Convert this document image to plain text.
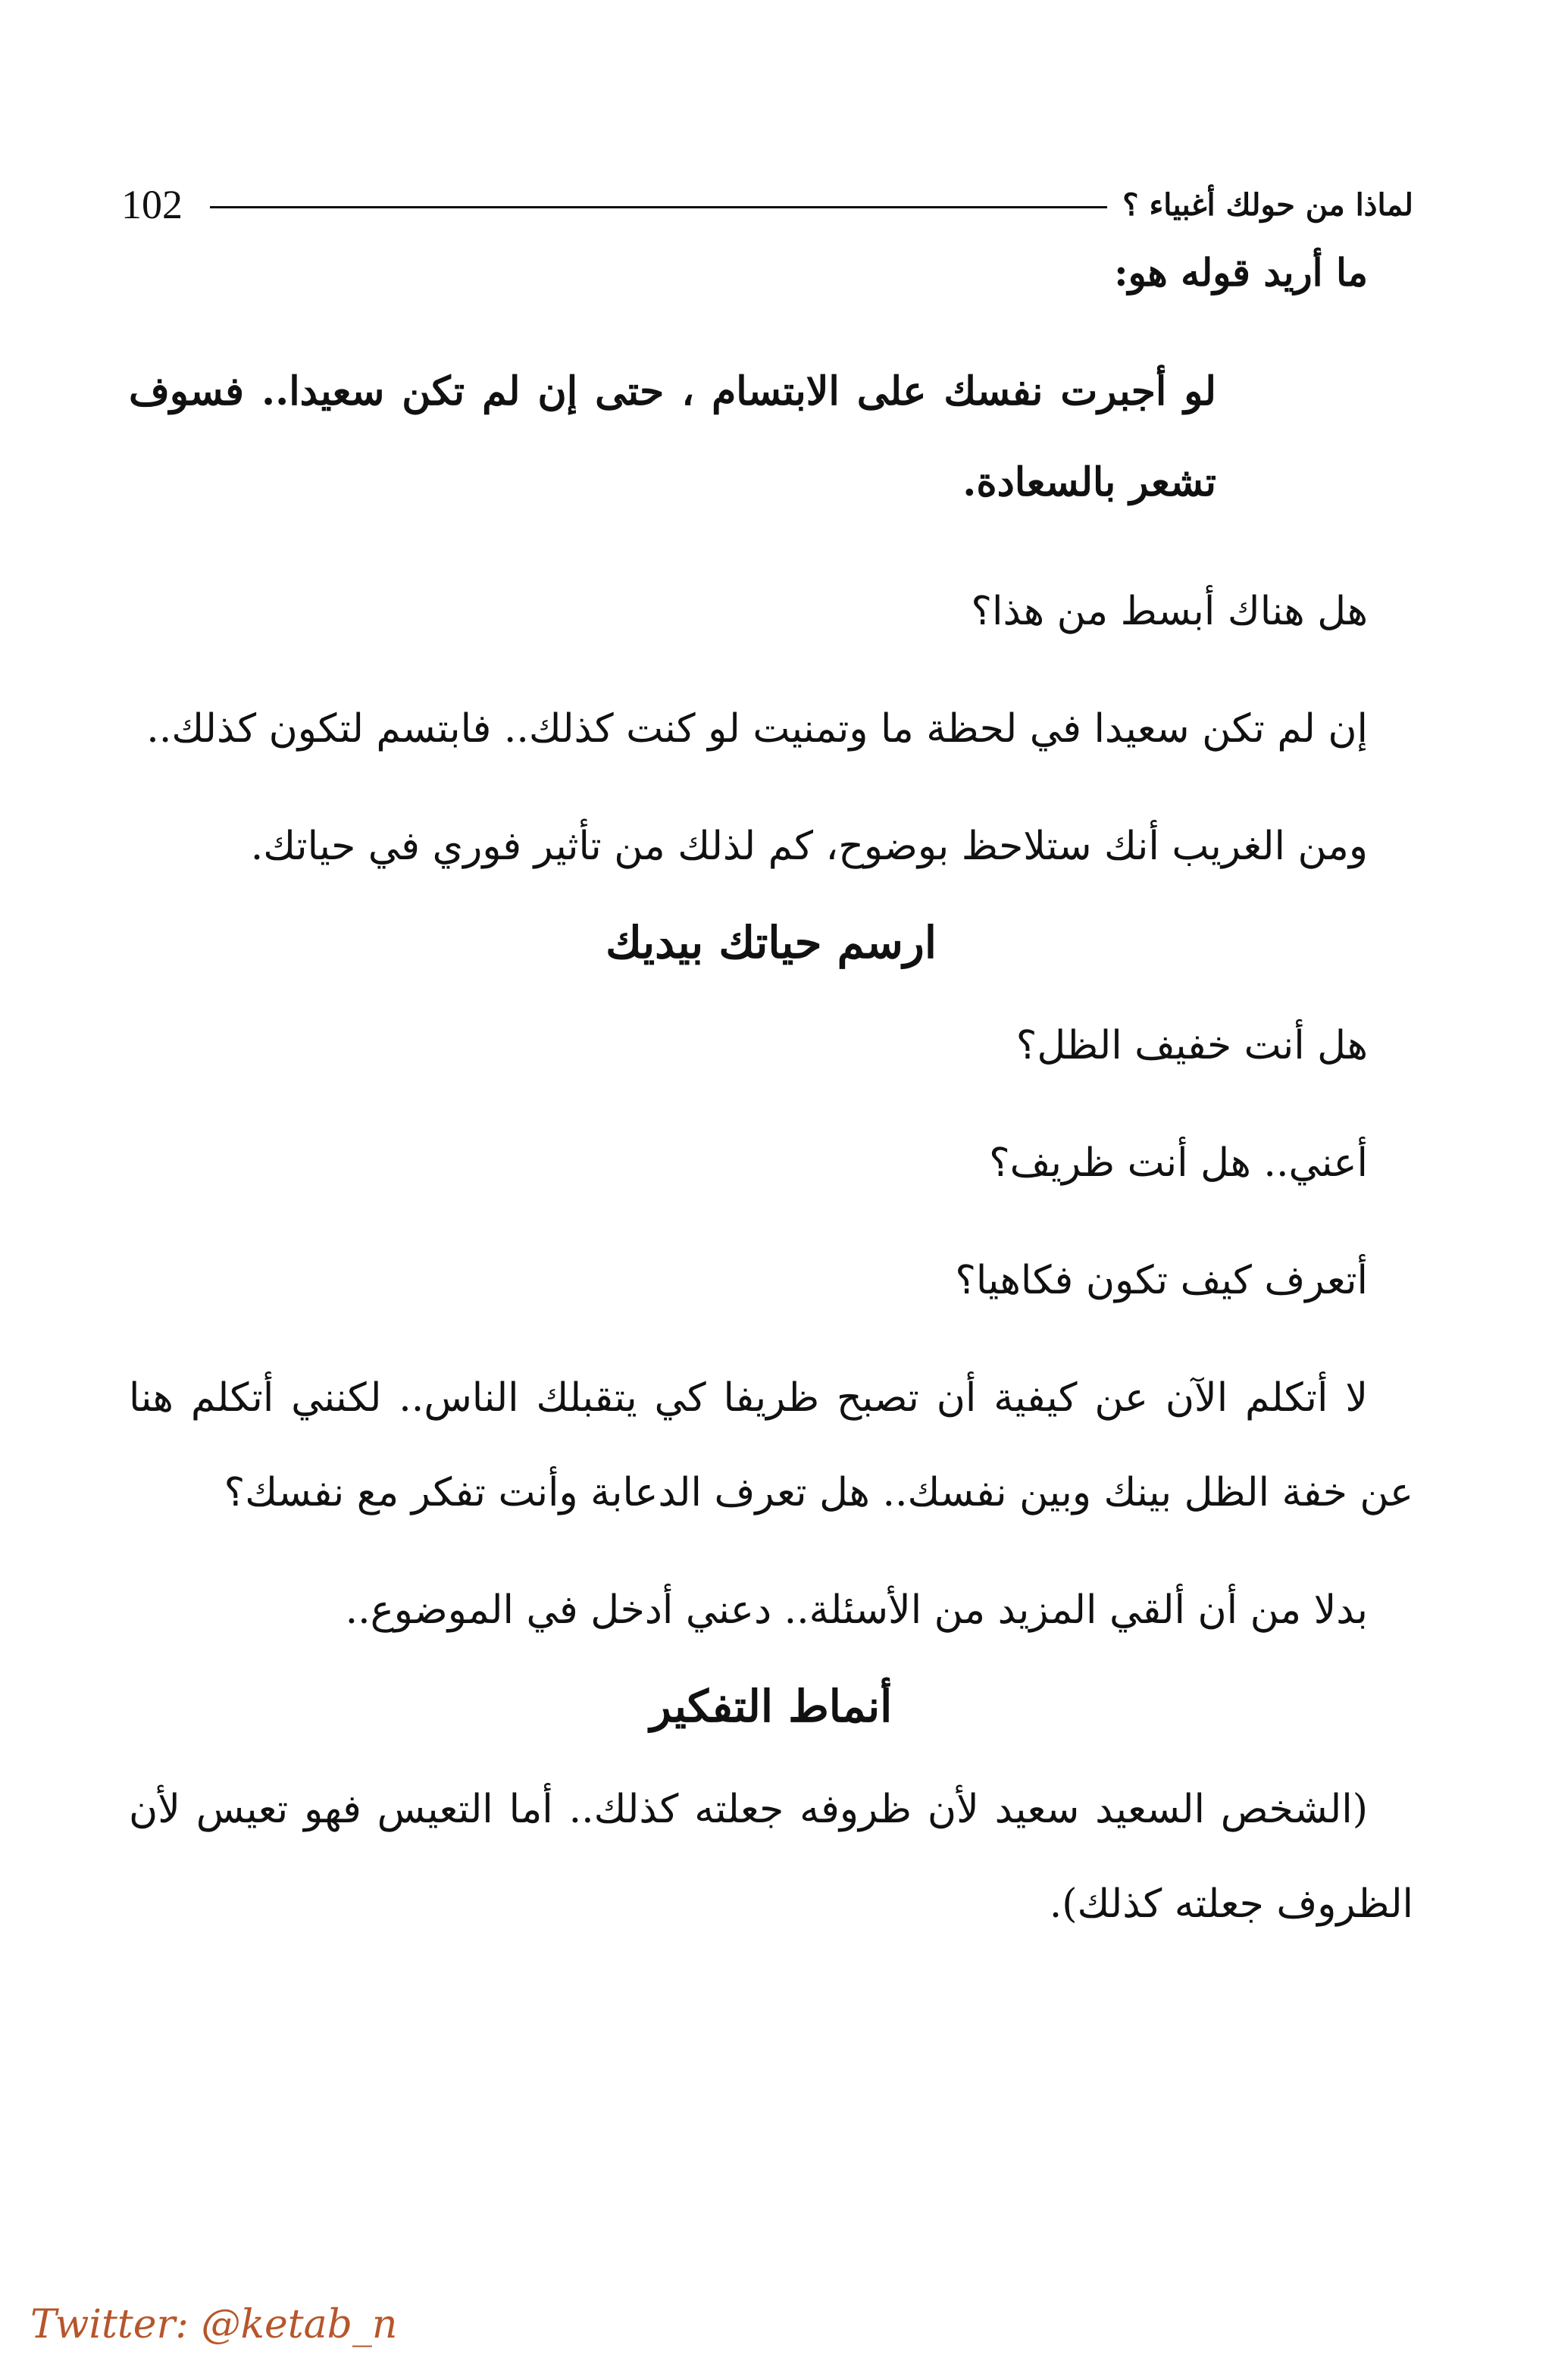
102	لماذا من حولك أغبياء ؟

ما أريد قوله هو:

لو أجبرت نفسك على الابتسام ، حتى إن لم تكن سعيدا.. فسوف تشعر بالسعادة.

هل هناك أبسط من هذا؟

إن لم تكن سعيدا في لحظة ما وتمنيت لو كنت كذلك.. فابتسم لتكون كذلك..

ومن الغريب أنك ستلاحظ بوضوح، كم لذلك من تأثير فوري في حياتك.

ارسم حياتك بيديك

هل أنت خفيف الظل؟

أعني.. هل أنت ظريف؟

أتعرف كيف تكون فكاهيا؟

لا أتكلم الآن عن كيفية أن تصبح ظريفا كي يتقبلك الناس.. لكنني أتكلم هنا عن خفة الظل بينك وبين نفسك.. هل تعرف الدعابة وأنت تفكر مع نفسك؟

بدلا من أن ألقي المزيد من الأسئلة.. دعني أدخل في الموضوع..

أنماط التفكير

(الشخص السعيد سعيد لأن ظروفه جعلته كذلك.. أما التعيس فهو تعيس لأن الظروف جعلته كذلك).

Twitter: @ketab_n
